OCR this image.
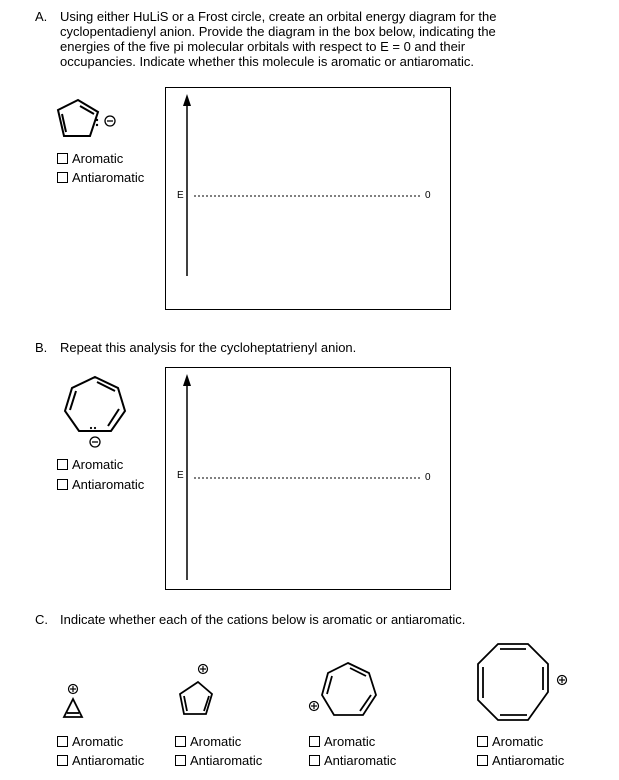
A. Using either HuLiS or a Frost circle, create an orbital energy diagram for the
cyclopentadienyl anion. Provide the diagram in the box below, indicating the
energies of the five pi molecular orbitals with respect to E = 0 and their
occupancies. Indicate whether this molecule is aromatic or antiaromatic.
Aromatic
Antiaromatic
E	0
B. Repeat this analysis for the cycloheptatrienyl anion.
Aromatic
Antiaromatic
E	0
C. Indicate whether each of the cations below is aromatic or antiaromatic.
Aromatic
Antiaromatic
Aromatic
Antiaromatic
Aromatic
Antiaromatic
Aromatic
Antiaromatic
